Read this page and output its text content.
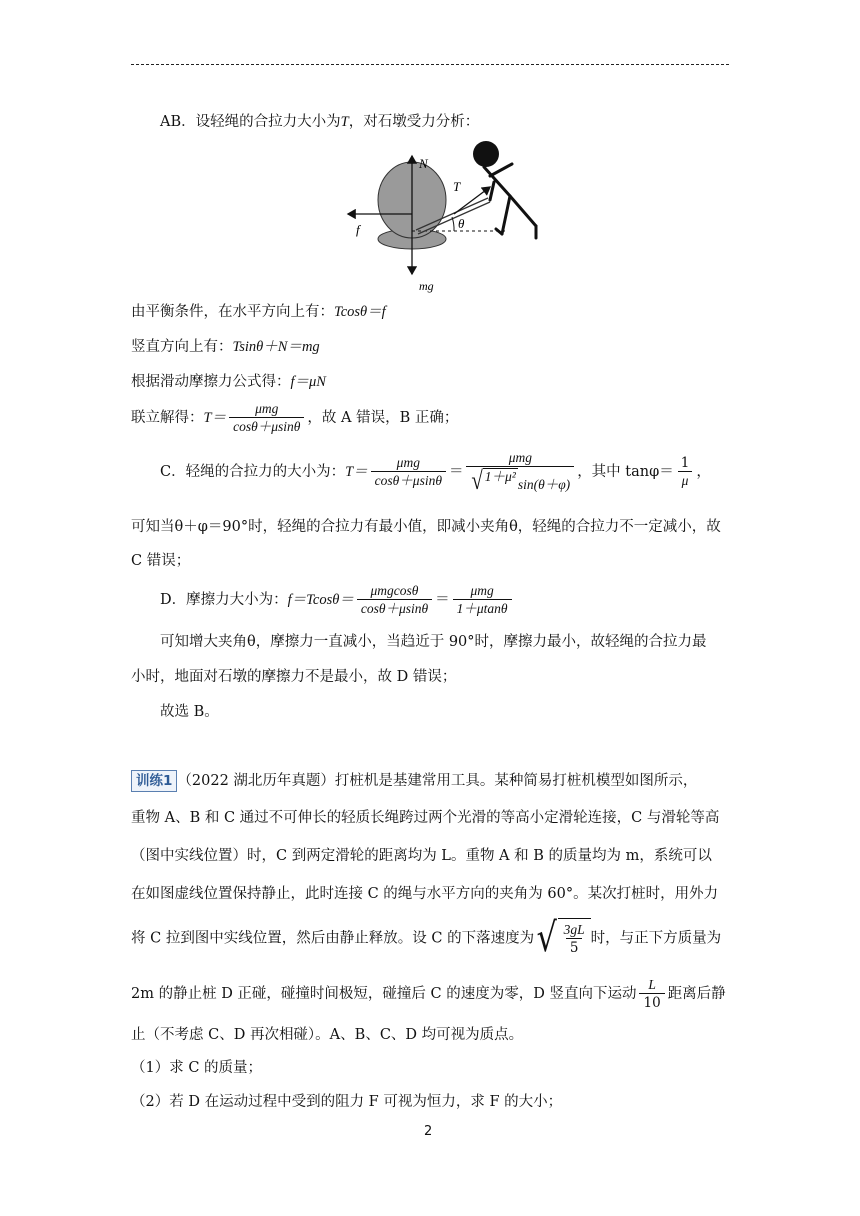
AB．设轻绳的合拉力大小为T，对石墩受力分析：
N
mg
f
T
θ
由平衡条件，在水平方向上有：Tcosθ＝f
竖直方向上有：Tsinθ＋N＝mg
根据滑动摩擦力公式得：f＝μN
联立解得：$T= \frac{\text{μmg}}{\cos\theta+\mu\sin\theta}$ ，故 A 错误，B 正确；
C．轻绳的合拉力的大小为：$T= \frac{\text{μmg}}{\cos\theta+\mu\sin\theta} = \mu mg$
√ 1＋μ²
sin(θ＋φ) ，其中 $\tan\varphi= \frac{1}{\mu}$ ，
可知当θ＋φ＝90°时，轻绳的合拉力有最小值，即减小夹角θ，轻绳的合拉力不一定减小，故
C 错误；
D．摩擦力大小为：$f=Tcos\theta= \frac{\text{μmgcosθ}}{\cos\theta+\mu\sin\theta} = \frac{\text{μmg}}{1+\mu\tan\theta}$
可知增大夹角θ，摩擦力一直减小，当趋近于 90°时，摩擦力最小，故轻绳的合拉力最
小时，地面对石墩的摩擦力不是最小，故 D 错误；
故选 B。
训练1 （2022 湖北历年真题）打桩机是基建常用工具。某种简易打桩机模型如图所示，
重物 A、B 和 C 通过不可伸长的轻质长绳跨过两个光滑的等高小定滑轮连接，C 与滑轮等高
（图中实线位置）时，C 到两定滑轮的距离均为 L。重物 A 和 B 的质量均为 m，系统可以
在如图虚线位置保持静止，此时连接 C 的绳与水平方向的夹角为 60°。某次打桩时，用外力
将 C 拉到图中实线位置，然后由静止释放。设 C 的下落速度为 √ $\frac{3gL}{5}$ 时，与正下方质量为
2m 的静止桩 D 正碰，碰撞时间极短，碰撞后 C 的速度为零，D 竖直向下运动 $\frac{L}{10}$ 距离后静
止（不考虑 C、D 再次相碰）。A、B、C、D 均可视为质点。
（1）求 C 的质量；
（2）若 D 在运动过程中受到的阻力 F 可视为恒力，求 F 的大小；
2
